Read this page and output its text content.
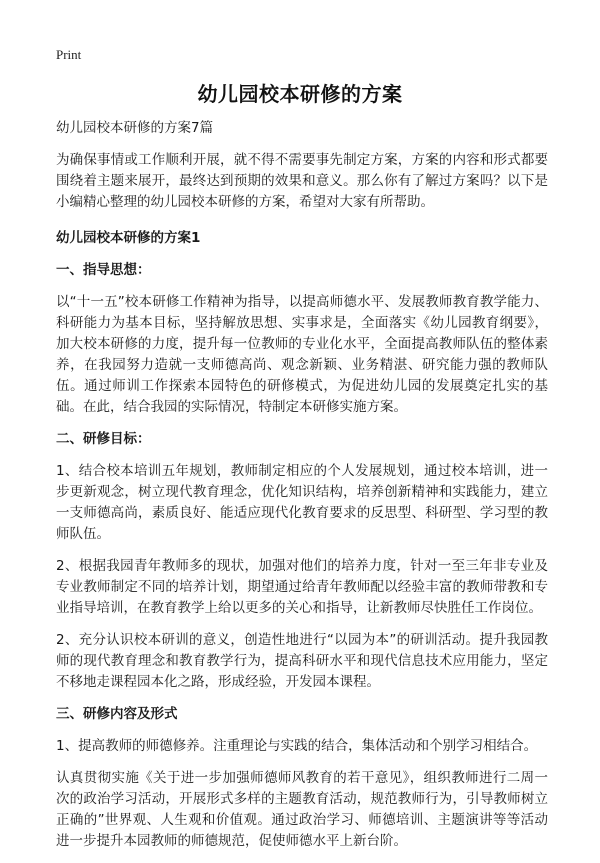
Print
幼儿园校本研修的方案
幼儿园校本研修的方案7篇

为确保事情或工作顺利开展，就不得不需要事先制定方案，方案的内容和形式都要围绕着主题来展开，最终达到预期的效果和意义。那么你有了解过方案吗？以下是小编精心整理的幼儿园校本研修的方案，希望对大家有所帮助。

幼儿园校本研修的方案1
一、指导思想：

以“十一五”校本研修工作精神为指导，以提高师德水平、发展教师教育教学能力、科研能力为基本目标，坚持解放思想、实事求是，全面落实《幼儿园教育纲要》，加大校本研修的力度，提升每一位教师的专业化水平，全面提高教师队伍的整体素养，在我园努力造就一支师德高尚、观念新颖、业务精湛、研究能力强的教师队伍。通过师训工作探索本园特色的研修模式，为促进幼儿园的发展奠定扎实的基础。在此，结合我园的实际情况，特制定本研修实施方案。

二、研修目标：

1、结合校本培训五年规划，教师制定相应的个人发展规划，通过校本培训，进一步更新观念，树立现代教育理念，优化知识结构，培养创新精神和实践能力，建立一支师德高尚，素质良好、能适应现代化教育要求的反思型、科研型、学习型的教师队伍。

2、根据我园青年教师多的现状，加强对他们的培养力度，针对一至三年非专业及专业教师制定不同的培养计划，期望通过给青年教师配以经验丰富的教师带教和专业指导培训，在教育教学上给以更多的关心和指导，让新教师尽快胜任工作岗位。

2、充分认识校本研训的意义，创造性地进行“以园为本”的研训活动。提升我园教师的现代教育理念和教育教学行为，提高科研水平和现代信息技术应用能力，坚定不移地走课程园本化之路，形成经验，开发园本课程。

三、研修内容及形式

1、提高教师的师德修养。注重理论与实践的结合，集体活动和个别学习相结合。

认真贯彻实施《关于进一步加强师德师风教育的若干意见》，组织教师进行二周一次的政治学习活动，开展形式多样的主题教育活动，规范教师行为，引导教师树立正确的”世界观、人生观和价值观。通过政治学习、师德培训、主题演讲等等活动进一步提升本园教师的师德规范，促使师德水平上新台阶。
